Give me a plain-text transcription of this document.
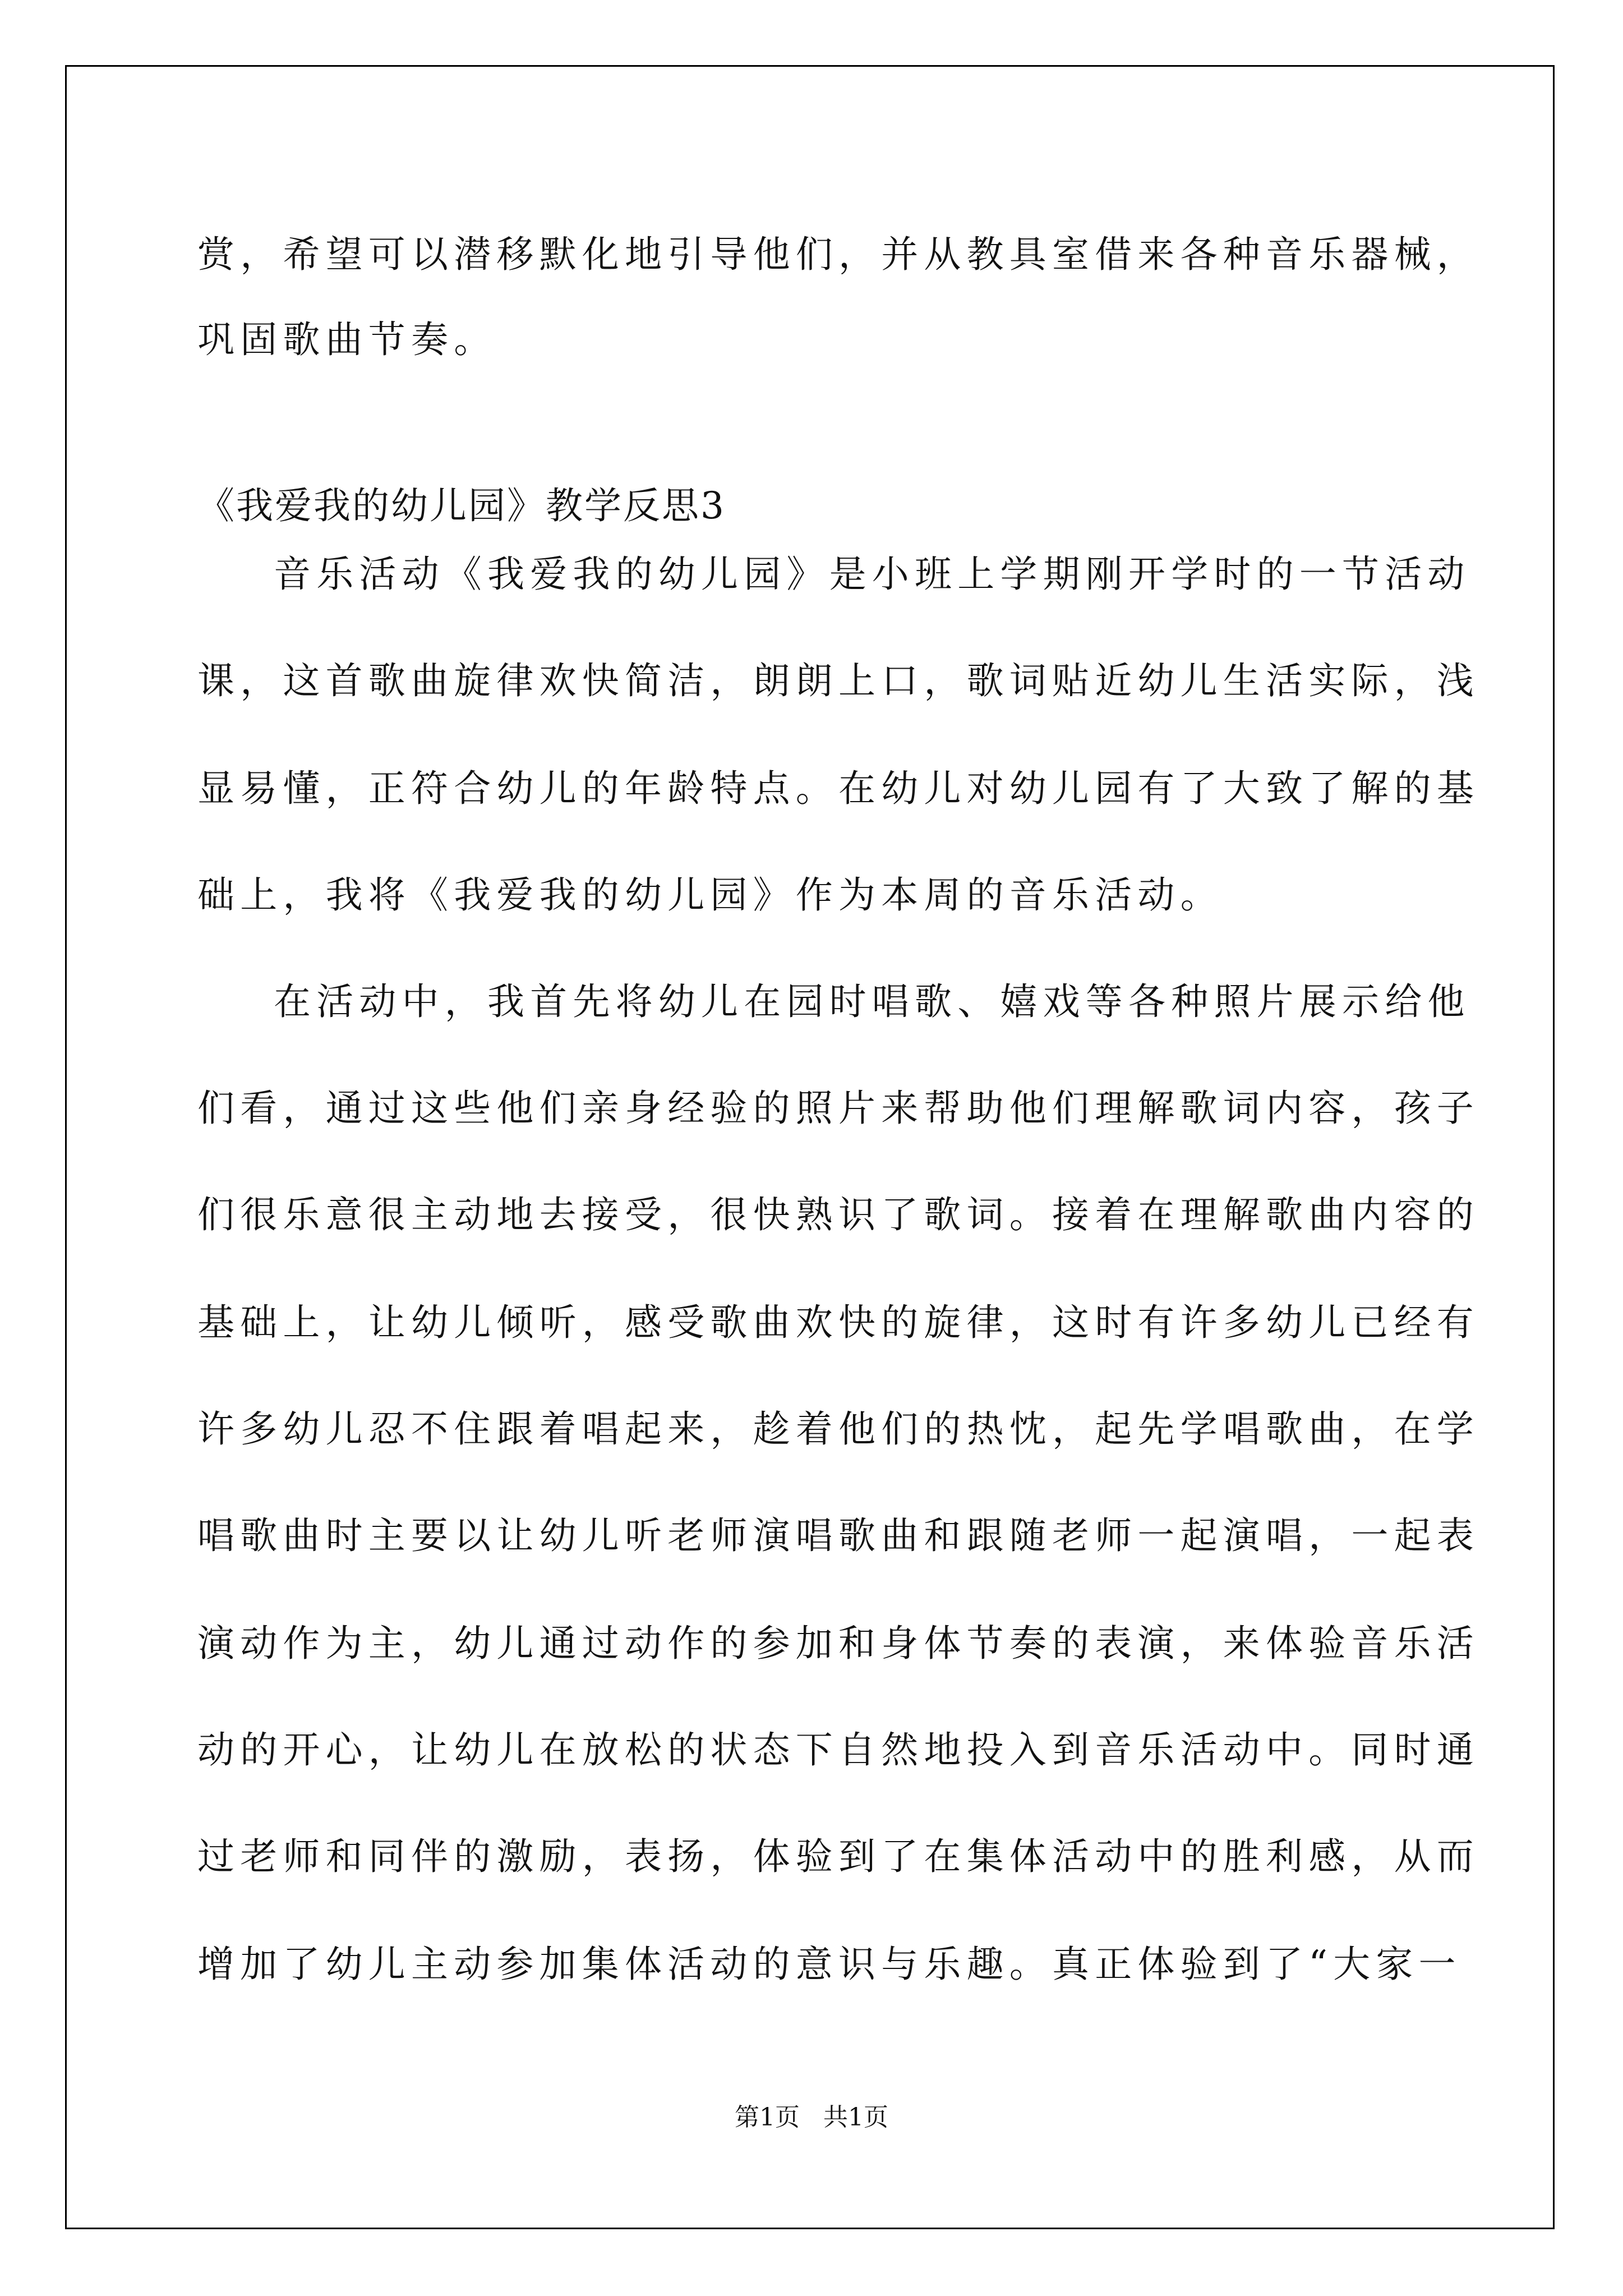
赏，希望可以潜移默化地引导他们，并从教具室借来各种音乐器械，
巩固歌曲节奏。
《我爱我的幼儿园》教学反思3
音乐活动《我爱我的幼儿园》是小班上学期刚开学时的一节活动
课，这首歌曲旋律欢快简洁，朗朗上口，歌词贴近幼儿生活实际，浅
显易懂，正符合幼儿的年龄特点。在幼儿对幼儿园有了大致了解的基
础上，我将《我爱我的幼儿园》作为本周的音乐活动。
在活动中，我首先将幼儿在园时唱歌、嬉戏等各种照片展示给他
们看，通过这些他们亲身经验的照片来帮助他们理解歌词内容，孩子
们很乐意很主动地去接受，很快熟识了歌词。接着在理解歌曲内容的
基础上，让幼儿倾听，感受歌曲欢快的旋律，这时有许多幼儿已经有
许多幼儿忍不住跟着唱起来，趁着他们的热忱，起先学唱歌曲，在学
唱歌曲时主要以让幼儿听老师演唱歌曲和跟随老师一起演唱，一起表
演动作为主，幼儿通过动作的参加和身体节奏的表演，来体验音乐活
动的开心，让幼儿在放松的状态下自然地投入到音乐活动中。同时通
过老师和同伴的激励，表扬，体验到了在集体活动中的胜利感，从而
增加了幼儿主动参加集体活动的意识与乐趣。真正体验到了“大家一
第1页   共1页
